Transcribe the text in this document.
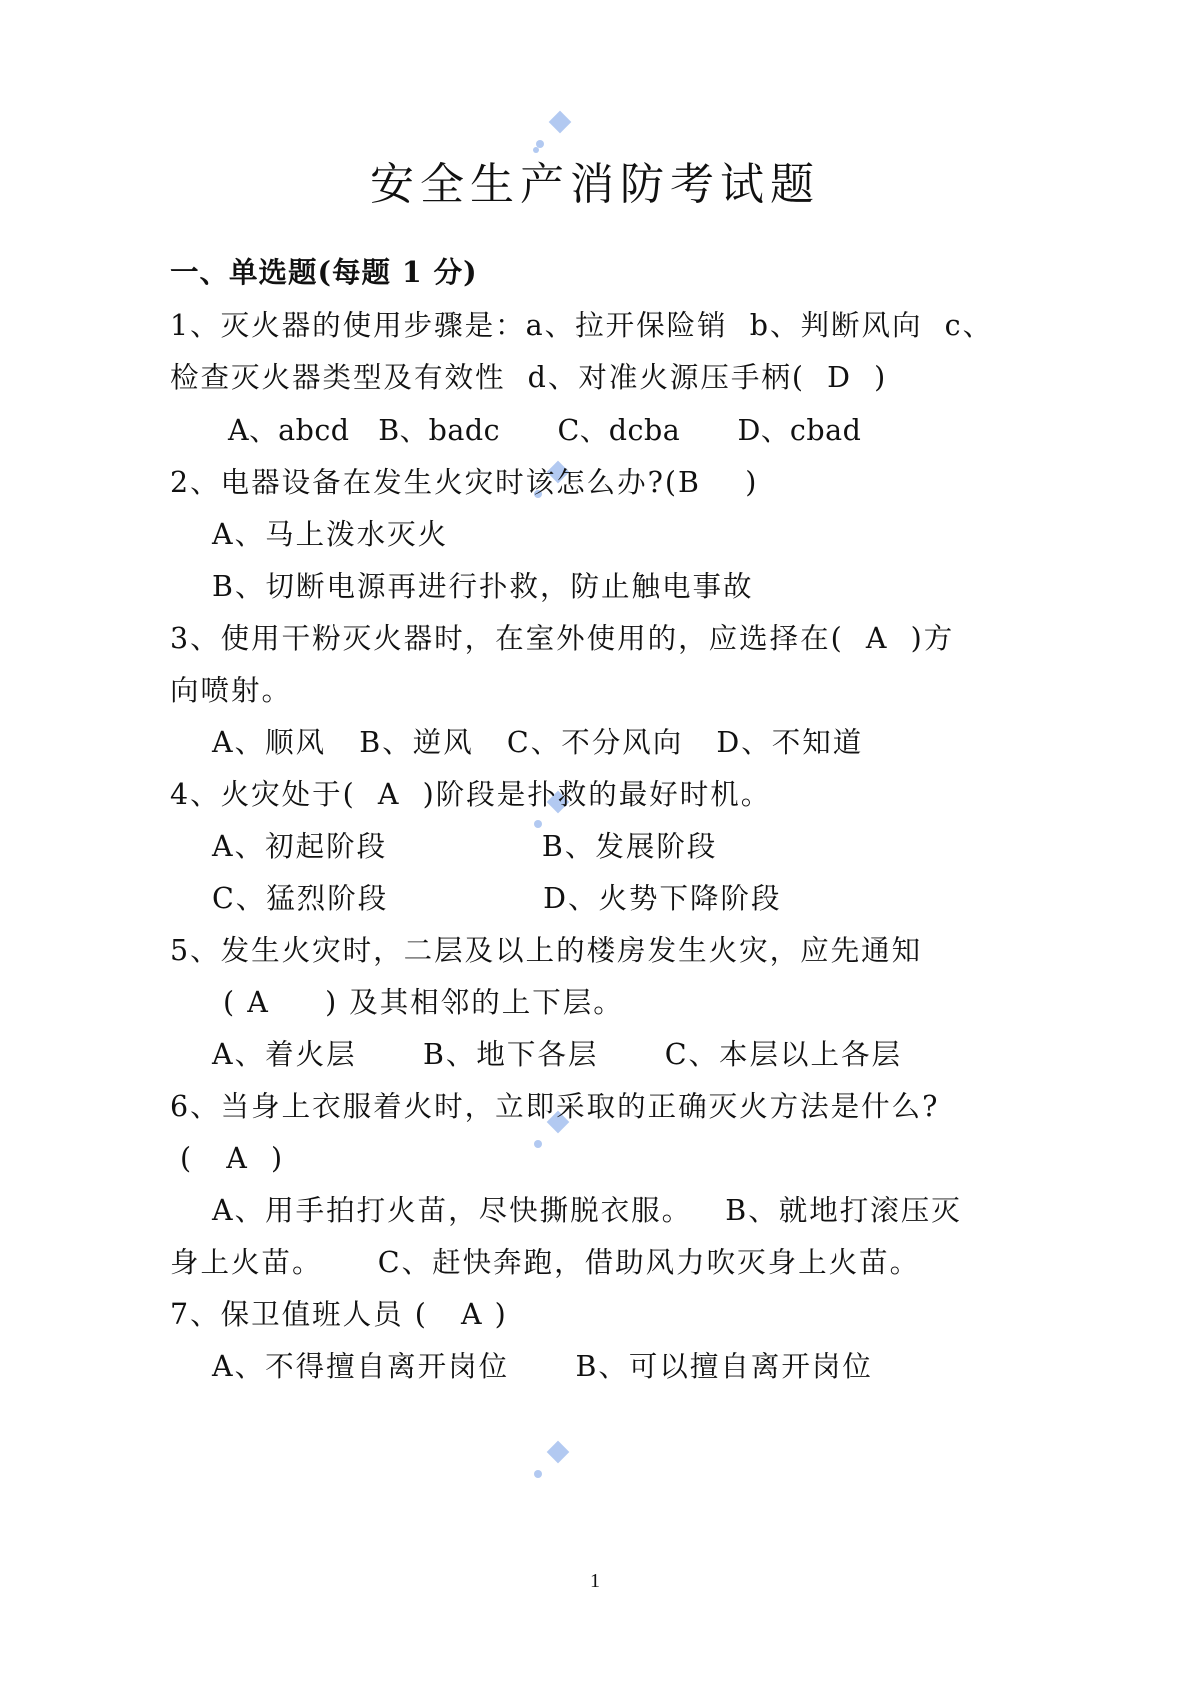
安全生产消防考试题
一、单选题(每题 1 分)
1、灭火器的使用步骤是：a、拉开保险销  b、判断风向  c、
检查灭火器类型及有效性  d、对准火源压手柄(  D  )
A、abcd   B、badc      C、dcba      D、cbad
2、电器设备在发生火灾时该怎么办?(B    )
A、马上泼水灭火
B、切断电源再进行扑救，防止触电事故
3、使用干粉灭火器时，在室外使用的，应选择在(  A  )方
向喷射。
A、顺风   B、逆风   C、不分风向   D、不知道
4、火灾处于(  A  )阶段是扑救的最好时机。
A、初起阶段              B、发展阶段
C、猛烈阶段              D、火势下降阶段
5、发生火灾时，二层及以上的楼房发生火灾，应先通知
( A     ) 及其相邻的上下层。
A、着火层      B、地下各层      C、本层以上各层
6、当身上衣服着火时，立即采取的正确灭火方法是什么?
(   A  )
A、用手拍打火苗，尽快撕脱衣服。   B、就地打滚压灭
身上火苗。     C、赶快奔跑，借助风力吹灭身上火苗。
7、保卫值班人员 (   A )
A、不得擅自离开岗位      B、可以擅自离开岗位
1
